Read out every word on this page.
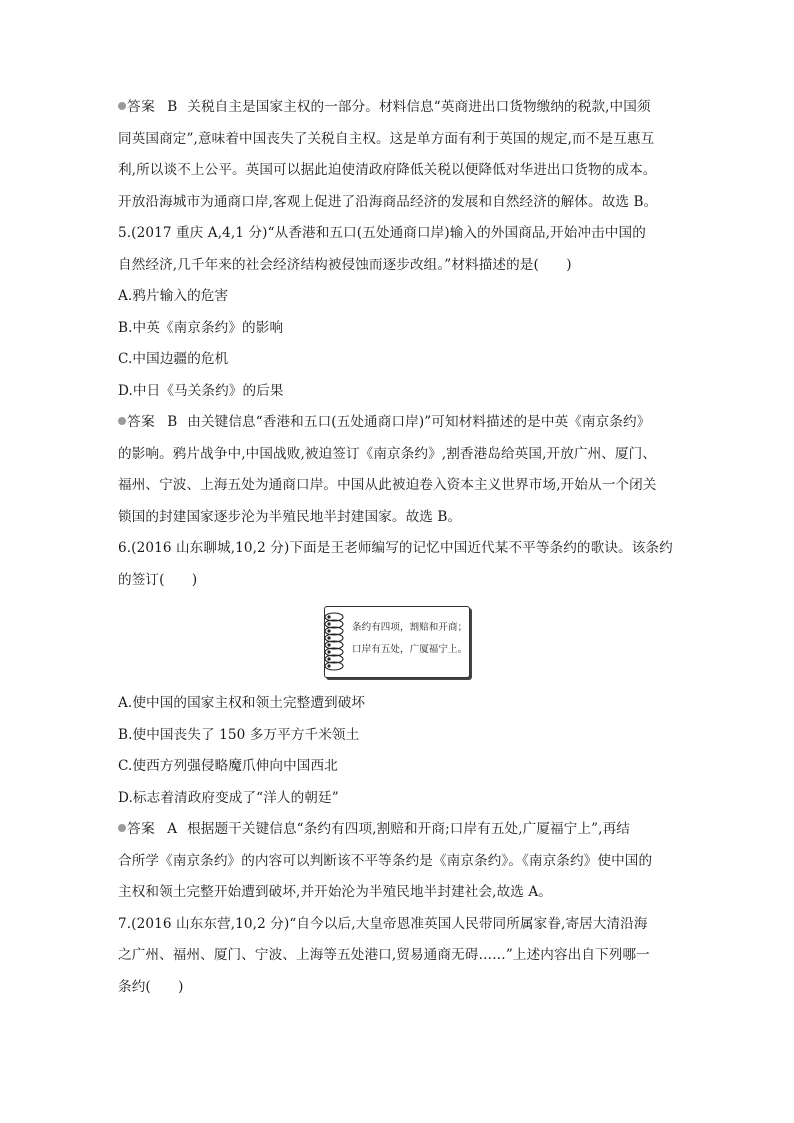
答案 B 关税自主是国家主权的一部分。材料信息“英商进出口货物缴纳的税款,中国须
同英国商定”,意味着中国丧失了关税自主权。这是单方面有利于英国的规定,而不是互惠互
利,所以谈不上公平。英国可以据此迫使清政府降低关税以便降低对华进出口货物的成本。
开放沿海城市为通商口岸,客观上促进了沿海商品经济的发展和自然经济的解体。故选 B。
5.(2017 重庆 A,4,1 分)“从香港和五口(五处通商口岸)输入的外国商品,开始冲击中国的
自然经济,几千年来的社会经济结构被侵蚀而逐步改组。”材料描述的是(　　)
A.鸦片输入的危害
B.中英《南京条约》的影响
C.中国边疆的危机
D.中日《马关条约》的后果
答案 B 由关键信息“香港和五口(五处通商口岸)”可知材料描述的是中英《南京条约》
的影响。鸦片战争中,中国战败,被迫签订《南京条约》,割香港岛给英国,开放广州、厦门、
福州、宁波、上海五处为通商口岸。中国从此被迫卷入资本主义世界市场,开始从一个闭关
锁国的封建国家逐步沦为半殖民地半封建国家。故选 B。
6.(2016 山东聊城,10,2 分)下面是王老师编写的记忆中国近代某不平等条约的歌诀。该条约
的签订(　　)
条约有四项，割赔和开商；
口岸有五处，广厦福宁上。
A.使中国的国家主权和领土完整遭到破坏
B.使中国丧失了 150 多万平方千米领土
C.使西方列强侵略魔爪伸向中国西北
D.标志着清政府变成了“洋人的朝廷”
答案 A 根据题干关键信息“条约有四项,割赔和开商;口岸有五处,广厦福宁上”,再结
合所学《南京条约》的内容可以判断该不平等条约是《南京条约》。《南京条约》使中国的
主权和领土完整开始遭到破坏,并开始沦为半殖民地半封建社会,故选 A。
7.(2016 山东东营,10,2 分)“自今以后,大皇帝恩准英国人民带同所属家眷,寄居大清沿海
之广州、福州、厦门、宁波、上海等五处港口,贸易通商无碍……”上述内容出自下列哪一
条约(　　)
